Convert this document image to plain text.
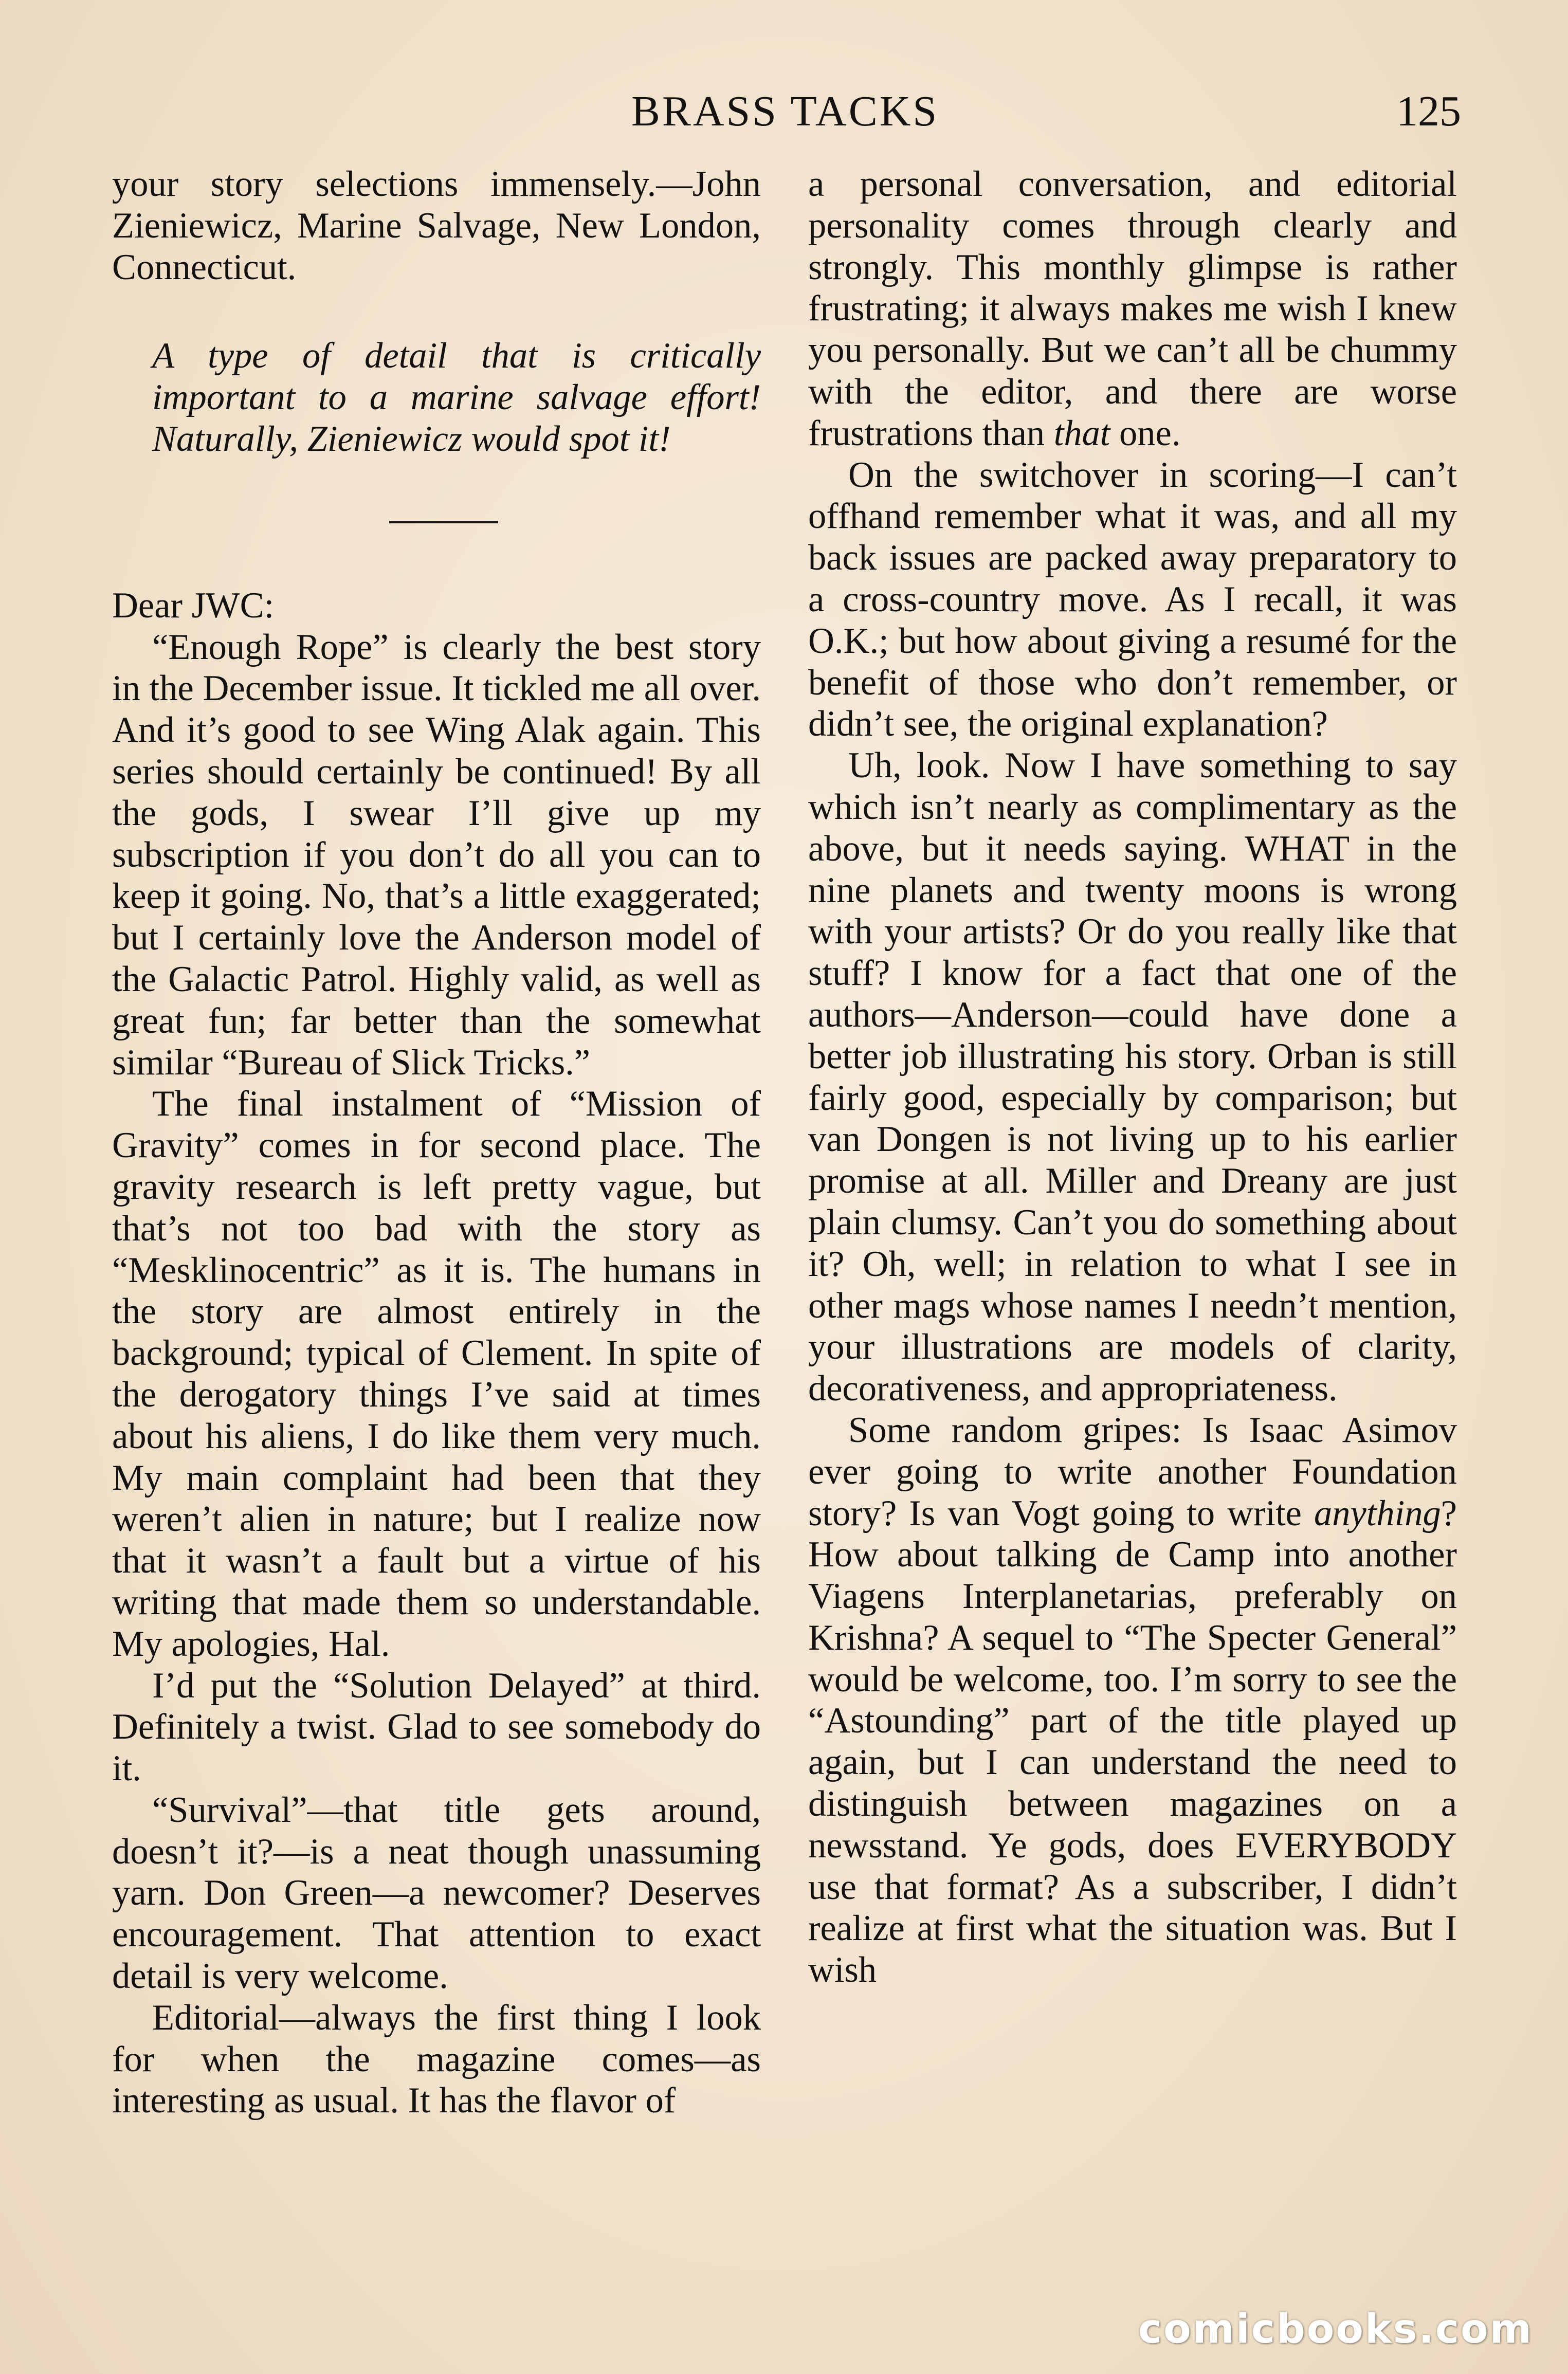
BRASS TACKS	125

your story selections immensely.—John Zieniewicz, Marine Salvage, New London, Connecticut.

A type of detail that is critically important to a marine salvage effort! Naturally, Zieniewicz would spot it!

Dear JWC:

“Enough Rope” is clearly the best story in the December issue. It tickled me all over. And it’s good to see Wing Alak again. This series should certainly be continued! By all the gods, I swear I’ll give up my subscription if you don’t do all you can to keep it going. No, that’s a little exaggerated; but I certainly love the Anderson model of the Galactic Patrol. Highly valid, as well as great fun; far better than the somewhat similar “Bureau of Slick Tricks.”

The final instalment of “Mission of Gravity” comes in for second place. The gravity research is left pretty vague, but that’s not too bad with the story as “Mesklinocentric” as it is. The humans in the story are almost entirely in the background; typical of Clement. In spite of the derogatory things I’ve said at times about his aliens, I do like them very much. My main complaint had been that they weren’t alien in nature; but I realize now that it wasn’t a fault but a virtue of his writing that made them so understandable. My apologies, Hal.

I’d put the “Solution Delayed” at third. Definitely a twist. Glad to see somebody do it.

“Survival”—that title gets around, doesn’t it?—is a neat though unassuming yarn. Don Green—a newcomer? Deserves encouragement. That attention to exact detail is very welcome.

Editorial—always the first thing I look for when the magazine comes—as interesting as usual. It has the flavor of

a personal conversation, and editorial personality comes through clearly and strongly. This monthly glimpse is rather frustrating; it always makes me wish I knew you personally. But we can’t all be chummy with the editor, and there are worse frustrations than that one.

On the switchover in scoring—I can’t offhand remember what it was, and all my back issues are packed away preparatory to a cross-country move. As I recall, it was O.K.; but how about giving a resumé for the benefit of those who don’t remember, or didn’t see, the original explanation?

Uh, look. Now I have something to say which isn’t nearly as complimentary as the above, but it needs saying. WHAT in the nine planets and twenty moons is wrong with your artists? Or do you really like that stuff? I know for a fact that one of the authors—Anderson—could have done a better job illustrating his story. Orban is still fairly good, especially by comparison; but van Dongen is not living up to his earlier promise at all. Miller and Dreany are just plain clumsy. Can’t you do something about it? Oh, well; in relation to what I see in other mags whose names I needn’t mention, your illustrations are models of clarity, decorativeness, and appropriateness.

Some random gripes: Is Isaac Asimov ever going to write another Foundation story? Is van Vogt going to write anything? How about talking de Camp into another Viagens Interplanetarias, preferably on Krishna? A sequel to “The Specter General” would be welcome, too. I’m sorry to see the “Astounding” part of the title played up again, but I can understand the need to distinguish between magazines on a newsstand. Ye gods, does EVERYBODY use that format? As a subscriber, I didn’t realize at first what the situation was. But I wish

comicbooks.com
